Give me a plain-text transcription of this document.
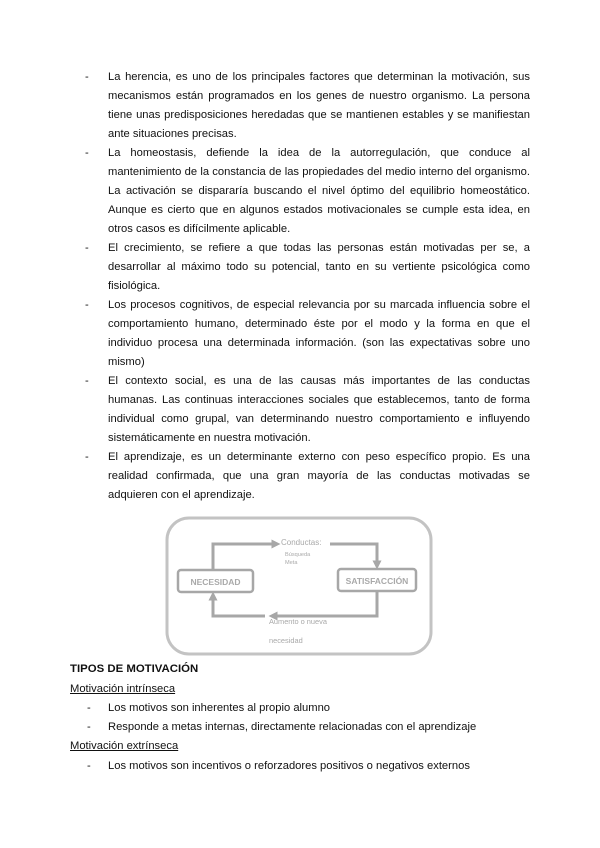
- La herencia, es uno de los principales factores que determinan la motivación, sus mecanismos están programados en los genes de nuestro organismo. La persona tiene unas predisposiciones heredadas que se mantienen estables y se manifiestan ante situaciones precisas.
- La homeostasis, defiende la idea de la autorregulación, que conduce al mantenimiento de la constancia de las propiedades del medio interno del organismo. La activación se dispararía buscando el nivel óptimo del equilibrio homeostático. Aunque es cierto que en algunos estados motivacionales se cumple esta idea, en otros casos es difícilmente aplicable.
- El crecimiento, se refiere a que todas las personas están motivadas per se, a desarrollar al máximo todo su potencial, tanto en su vertiente psicológica como fisiológica.
- Los procesos cognitivos, de especial relevancia por su marcada influencia sobre el comportamiento humano, determinado éste por el modo y la forma en que el individuo procesa una determinada información. (son las expectativas sobre uno mismo)
- El contexto social, es una de las causas más importantes de las conductas humanas. Las continuas interacciones sociales que establecemos, tanto de forma individual como grupal, van determinando nuestro comportamiento e influyendo sistemáticamente en nuestra motivación.
- El aprendizaje, es un determinante externo con peso específico propio. Es una realidad confirmada, que una gran mayoría de las conductas motivadas se adquieren con el aprendizaje.
NECESIDAD	SATISFACCIÓN
Conductas:
Búsqueda
Meta
Aumento o nueva
necesidad
TIPOS DE MOTIVACIÓN
Motivación intrínseca
- Los motivos son inherentes al propio alumno
- Responde a metas internas, directamente relacionadas con el aprendizaje
Motivación extrínseca
- Los motivos son incentivos o reforzadores positivos o negativos externos
